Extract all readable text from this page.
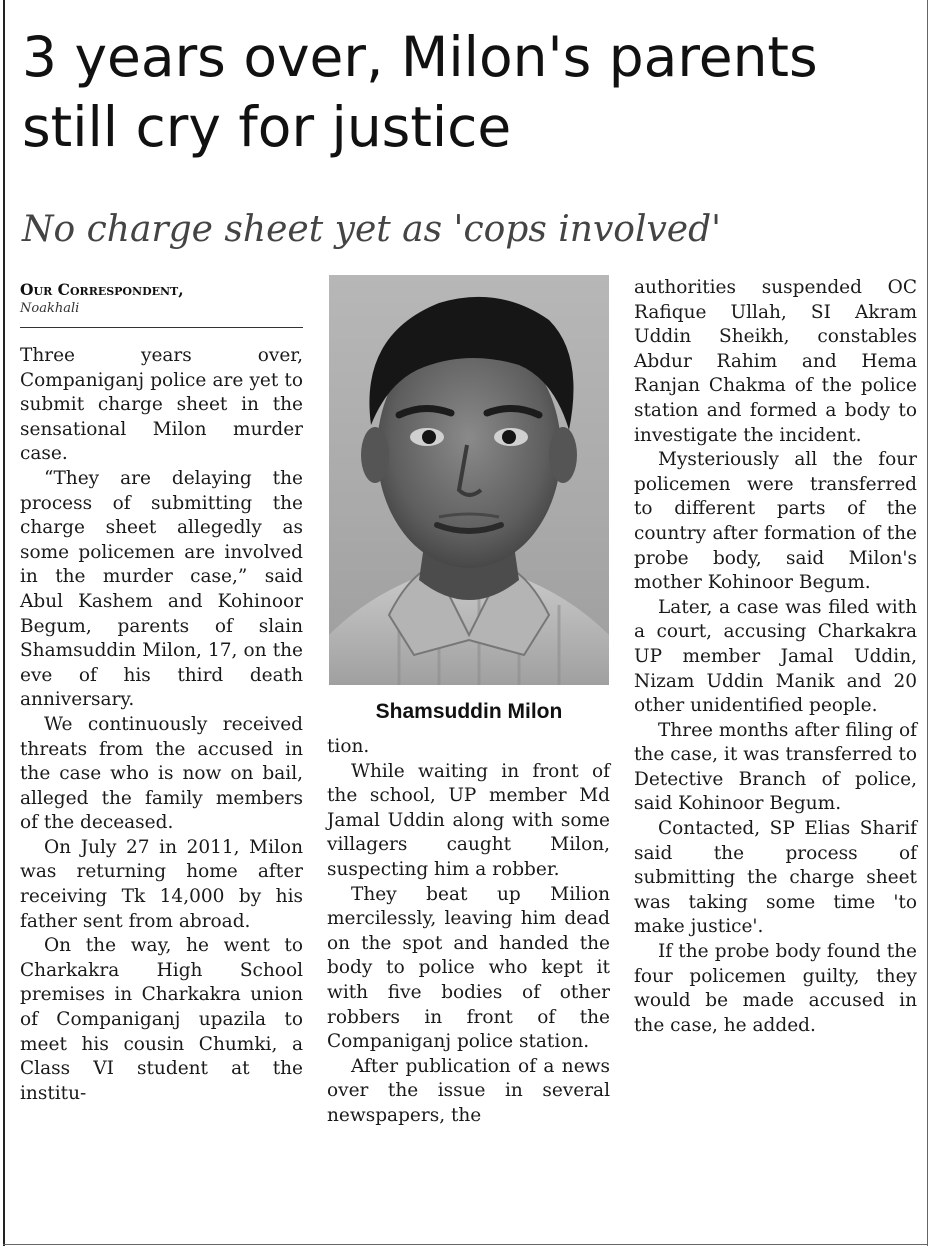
3 years over, Milon's parents still cry for justice
No charge sheet yet as 'cops involved'
Our Correspondent,
Noakhali

Three years over, Companiganj police are yet to submit charge sheet in the sensational Milon murder case.

“They are delaying the process of submitting the charge sheet allegedly as some policemen are involved in the murder case,” said Abul Kashem and Kohinoor Begum, parents of slain Shamsuddin Milon, 17, on the eve of his third death anniversary.

We continuously received threats from the accused in the case who is now on bail, alleged the family members of the deceased.

On July 27 in 2011, Milon was returning home after receiving Tk 14,000 by his father sent from abroad.

On the way, he went to Charkakra High School premises in Charkakra union of Companiganj upazila to meet his cousin Chumki, a Class VI student at the institu-

Shamsuddin Milon

tion.

While waiting in front of the school, UP member Md Jamal Uddin along with some villagers caught Milon, suspecting him a robber.

They beat up Milion mercilessly, leaving him dead on the spot and handed the body to police who kept it with five bodies of other robbers in front of the Companiganj police station.

After publication of a news over the issue in several newspapers, the

authorities suspended OC Rafique Ullah, SI Akram Uddin Sheikh, constables Abdur Rahim and Hema Ranjan Chakma of the police station and formed a body to investigate the incident.

Mysteriously all the four policemen were transferred to different parts of the country after formation of the probe body, said Milon's mother Kohinoor Begum.

Later, a case was filed with a court, accusing Charkakra UP member Jamal Uddin, Nizam Uddin Manik and 20 other unidentified people.

Three months after filing of the case, it was transferred to Detective Branch of police, said Kohinoor Begum.

Contacted, SP Elias Sharif said the process of submitting the charge sheet was taking some time 'to make justice'.

If the probe body found the four policemen guilty, they would be made accused in the case, he added.
